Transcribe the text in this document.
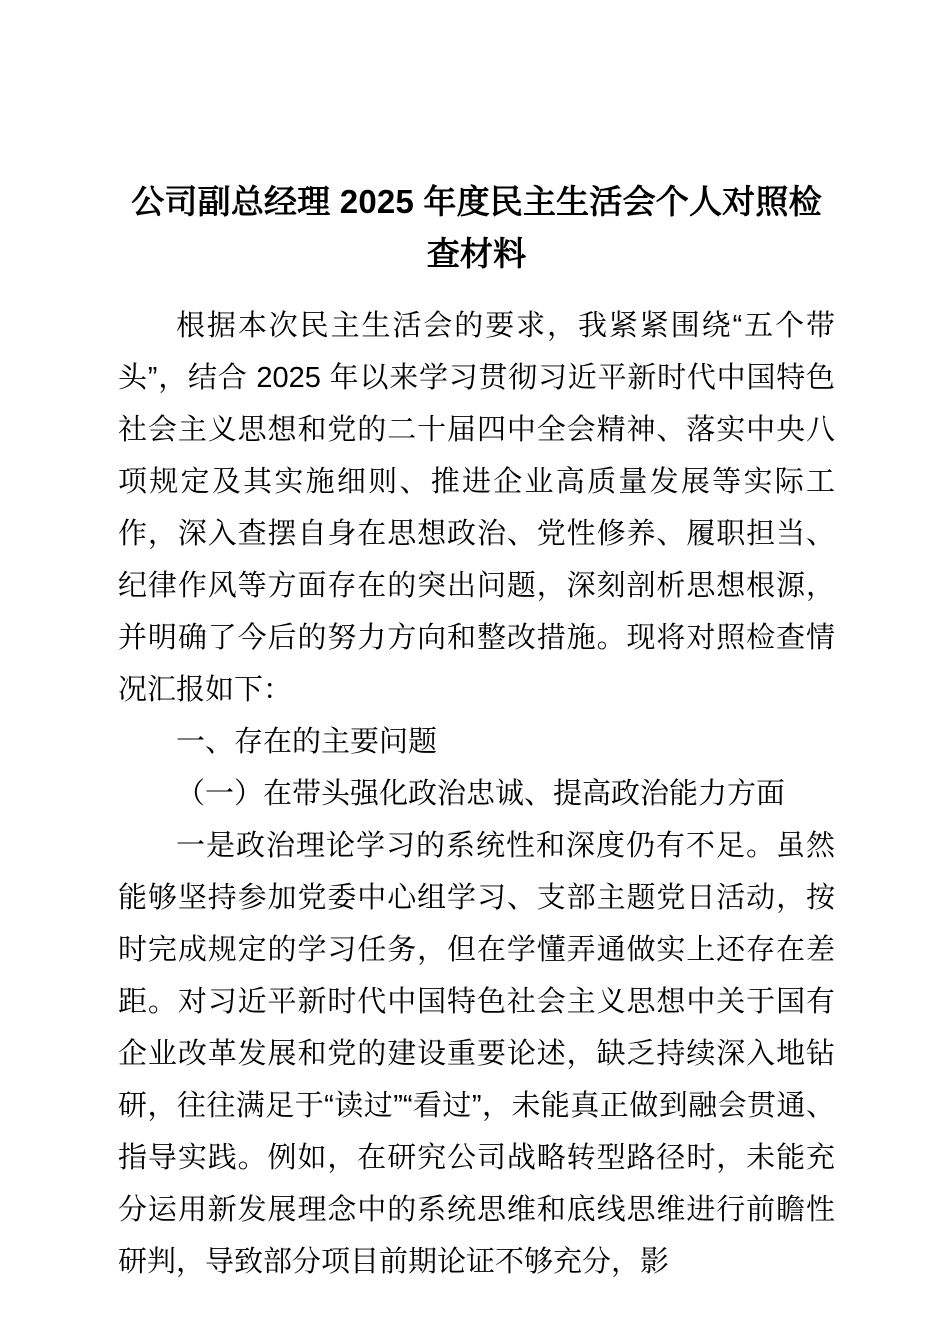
公司副总经理 2025 年度民主生活会个人对照检查材料

根据本次民主生活会的要求，我紧紧围绕“五个带头”，结合 2025 年以来学习贯彻习近平新时代中国特色社会主义思想和党的二十届四中全会精神、落实中央八项规定及其实施细则、推进企业高质量发展等实际工作，深入查摆自身在思想政治、党性修养、履职担当、纪律作风等方面存在的突出问题，深刻剖析思想根源，并明确了今后的努力方向和整改措施。现将对照检查情况汇报如下：

一、存在的主要问题

（一）在带头强化政治忠诚、提高政治能力方面

一是政治理论学习的系统性和深度仍有不足。虽然能够坚持参加党委中心组学习、支部主题党日活动，按时完成规定的学习任务，但在学懂弄通做实上还存在差距。对习近平新时代中国特色社会主义思想中关于国有企业改革发展和党的建设重要论述，缺乏持续深入地钻研，往往满足于“读过”“看过”，未能真正做到融会贯通、指导实践。例如，在研究公司战略转型路径时，未能充分运用新发展理念中的系统思维和底线思维进行前瞻性研判，导致部分项目前期论证不够充分，影
